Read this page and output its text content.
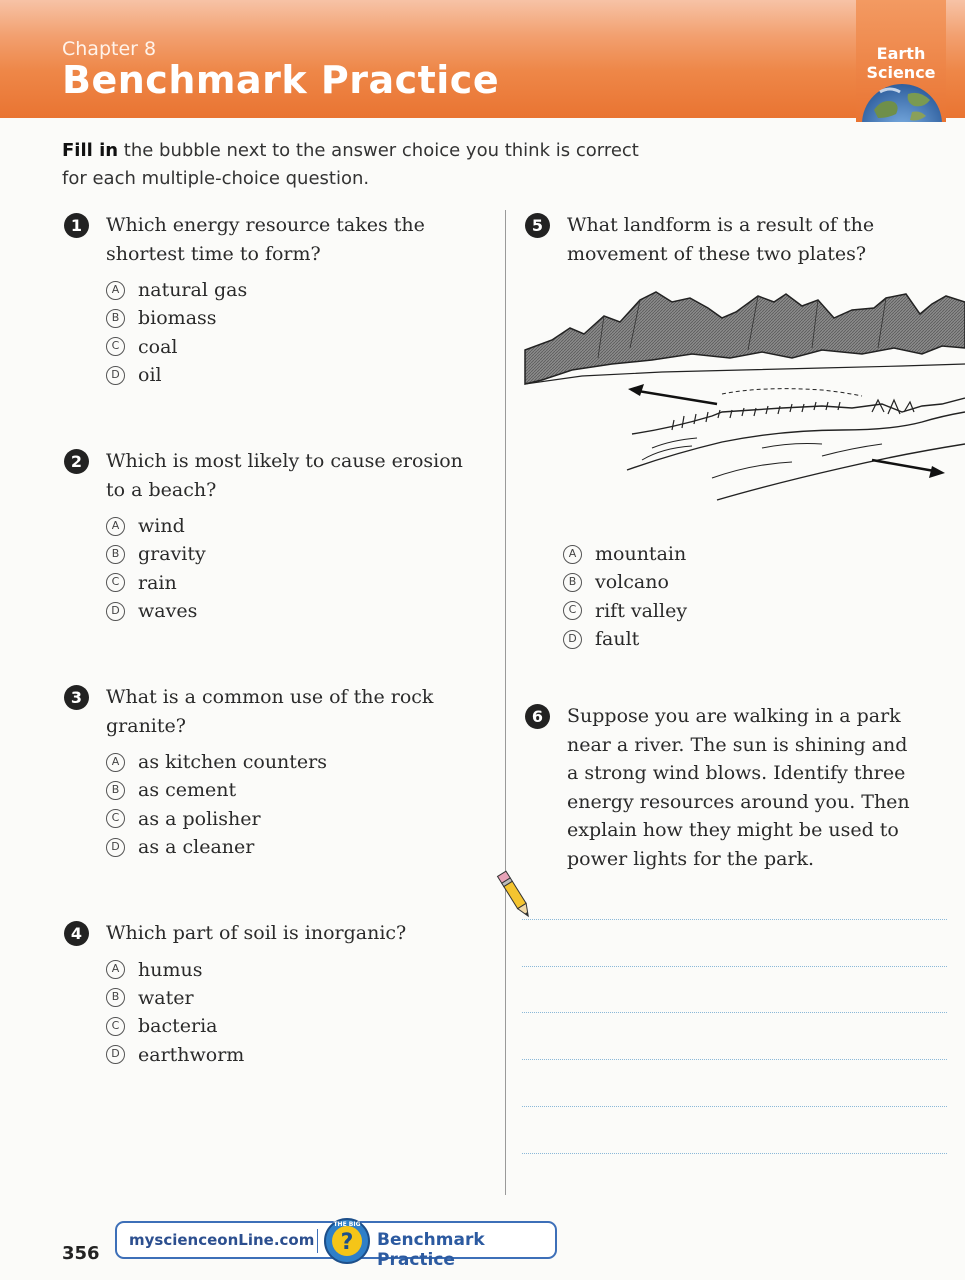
Chapter 8
Benchmark Practice
Earth
Science

Fill in the bubble next to the answer choice you think is correct for each multiple-choice question.

1	Which energy resource takes the shortest time to form?
A natural gas
B biomass
C coal
D oil
2	Which is most likely to cause erosion to a beach?
A wind
B gravity
C rain
D waves
3	What is a common use of the rock granite?
A as kitchen counters
B as cement
C as a polisher
D as a cleaner
4	Which part of soil is inorganic?
A humus
B water
C bacteria
D earthworm
5	What landform is a result of the movement of these two plates?
A mountain
B volcano
C rift valley
D fault
6	Suppose you are walking in a park near a river. The sun is shining and a strong wind blows. Identify three energy resources around you. Then explain how they might be used to power lights for the park.
356
myscienceonLine.com ?
THE BIG
Benchmark Practice
